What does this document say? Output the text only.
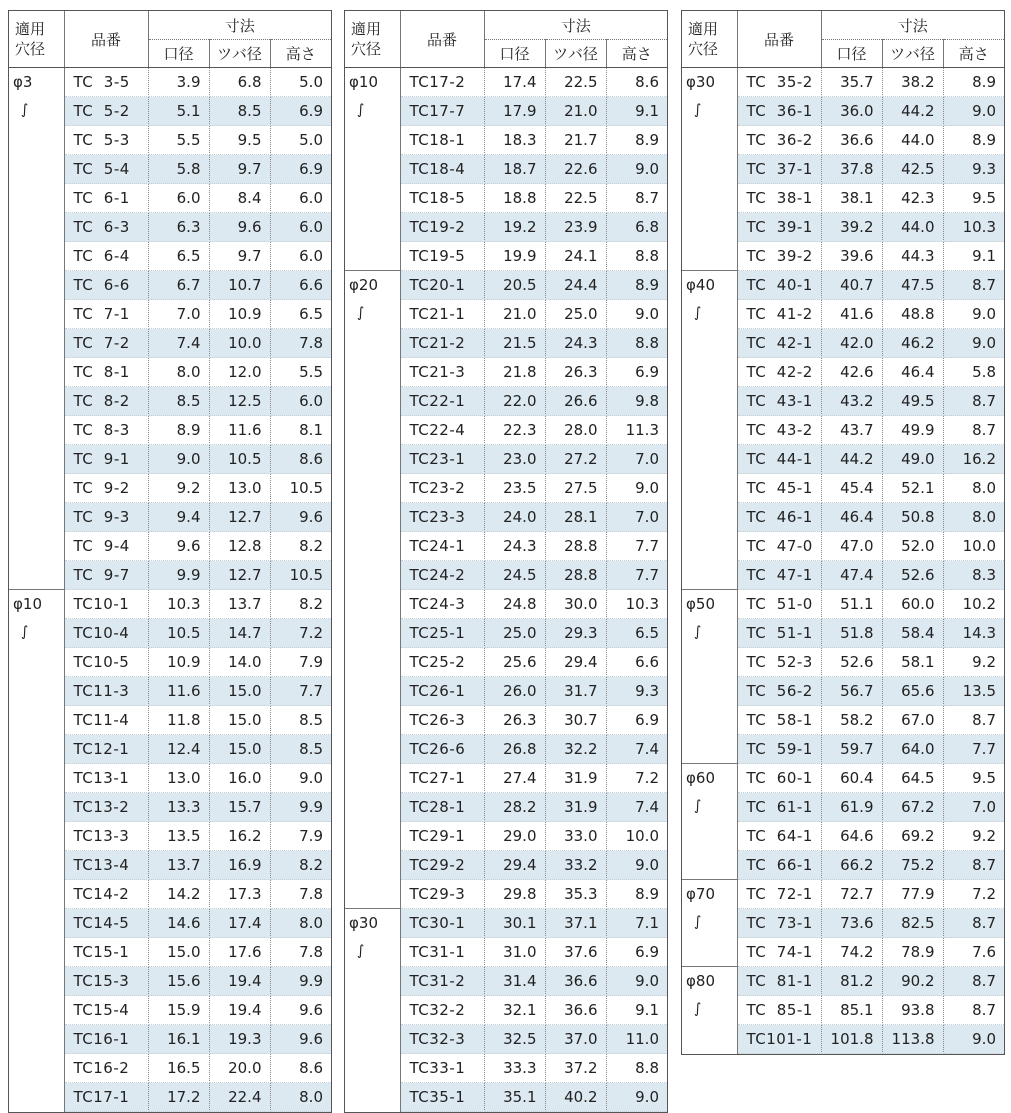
適用
穴径	品番	寸法		
		口径	ツバ径	高さ

φ3
∫	TC  3-5	3.9	6.8	5.0
	TC  5-2	5.1	8.5	6.9
	TC  5-3	5.5	9.5	5.0
	TC  5-4	5.8	9.7	6.9
	TC  6-1	6.0	8.4	6.0
	TC  6-3	6.3	9.6	6.0
	TC  6-4	6.5	9.7	6.0
	TC  6-6	6.7	10.7	6.6
	TC  7-1	7.0	10.9	6.5
	TC  7-2	7.4	10.0	7.8
	TC  8-1	8.0	12.0	5.5
	TC  8-2	8.5	12.5	6.0
	TC  8-3	8.9	11.6	8.1
	TC  9-1	9.0	10.5	8.6
	TC  9-2	9.2	13.0	10.5
	TC  9-3	9.4	12.7	9.6
	TC  9-4	9.6	12.8	8.2
	TC  9-7	9.9	12.7	10.5

φ10
∫	TC10-1	10.3	13.7	8.2
	TC10-4	10.5	14.7	7.2
	TC10-5	10.9	14.0	7.9
	TC11-3	11.6	15.0	7.7
	TC11-4	11.8	15.0	8.5
	TC12-1	12.4	15.0	8.5
	TC13-1	13.0	16.0	9.0
	TC13-2	13.3	15.7	9.9
	TC13-3	13.5	16.2	7.9
	TC13-4	13.7	16.9	8.2
	TC14-2	14.2	17.3	7.8
	TC14-5	14.6	17.4	8.0
	TC15-1	15.0	17.6	7.8
	TC15-3	15.6	19.4	9.9
	TC15-4	15.9	19.4	9.6
	TC16-1	16.1	19.3	9.6
	TC16-2	16.5	20.0	8.6
	TC17-1	17.2	22.4	8.0
適用
穴径	品番	寸法		
		口径	ツバ径	高さ

φ10
∫	TC17-2	17.4	22.5	8.6
	TC17-7	17.9	21.0	9.1
	TC18-1	18.3	21.7	8.9
	TC18-4	18.7	22.6	9.0
	TC18-5	18.8	22.5	8.7
	TC19-2	19.2	23.9	6.8
	TC19-5	19.9	24.1	8.8

φ20
∫	TC20-1	20.5	24.4	8.9
	TC21-1	21.0	25.0	9.0
	TC21-2	21.5	24.3	8.8
	TC21-3	21.8	26.3	6.9
	TC22-1	22.0	26.6	9.8
	TC22-4	22.3	28.0	11.3
	TC23-1	23.0	27.2	7.0
	TC23-2	23.5	27.5	9.0
	TC23-3	24.0	28.1	7.0
	TC24-1	24.3	28.8	7.7
	TC24-2	24.5	28.8	7.7
	TC24-3	24.8	30.0	10.3
	TC25-1	25.0	29.3	6.5
	TC25-2	25.6	29.4	6.6
	TC26-1	26.0	31.7	9.3
	TC26-3	26.3	30.7	6.9
	TC26-6	26.8	32.2	7.4
	TC27-1	27.4	31.9	7.2
	TC28-1	28.2	31.9	7.4
	TC29-1	29.0	33.0	10.0
	TC29-2	29.4	33.2	9.0
	TC29-3	29.8	35.3	8.9

φ30
∫	TC30-1	30.1	37.1	7.1
	TC31-1	31.0	37.6	6.9
	TC31-2	31.4	36.6	9.0
	TC32-2	32.1	36.6	9.1
	TC32-3	32.5	37.0	11.0
	TC33-1	33.3	37.2	8.8
	TC35-1	35.1	40.2	9.0
適用
穴径	品番	寸法		
		口径	ツバ径	高さ

φ30
∫	TC  35-2	35.7	38.2	8.9
	TC  36-1	36.0	44.2	9.0
	TC  36-2	36.6	44.0	8.9
	TC  37-1	37.8	42.5	9.3
	TC  38-1	38.1	42.3	9.5
	TC  39-1	39.2	44.0	10.3
	TC  39-2	39.6	44.3	9.1

φ40
∫	TC  40-1	40.7	47.5	8.7
	TC  41-2	41.6	48.8	9.0
	TC  42-1	42.0	46.2	9.0
	TC  42-2	42.6	46.4	5.8
	TC  43-1	43.2	49.5	8.7
	TC  43-2	43.7	49.9	8.7
	TC  44-1	44.2	49.0	16.2
	TC  45-1	45.4	52.1	8.0
	TC  46-1	46.4	50.8	8.0
	TC  47-0	47.0	52.0	10.0
	TC  47-1	47.4	52.6	8.3

φ50
∫	TC  51-0	51.1	60.0	10.2
	TC  51-1	51.8	58.4	14.3
	TC  52-3	52.6	58.1	9.2
	TC  56-2	56.7	65.6	13.5
	TC  58-1	58.2	67.0	8.7
	TC  59-1	59.7	64.0	7.7

φ60
∫	TC  60-1	60.4	64.5	9.5
	TC  61-1	61.9	67.2	7.0
	TC  64-1	64.6	69.2	9.2
	TC  66-1	66.2	75.2	8.7

φ70
∫	TC  72-1	72.7	77.9	7.2
	TC  73-1	73.6	82.5	8.7
	TC  74-1	74.2	78.9	7.6

φ80
∫	TC  81-1	81.2	90.2	8.7
	TC  85-1	85.1	93.8	8.7
	TC101-1	101.8	113.8	9.0
